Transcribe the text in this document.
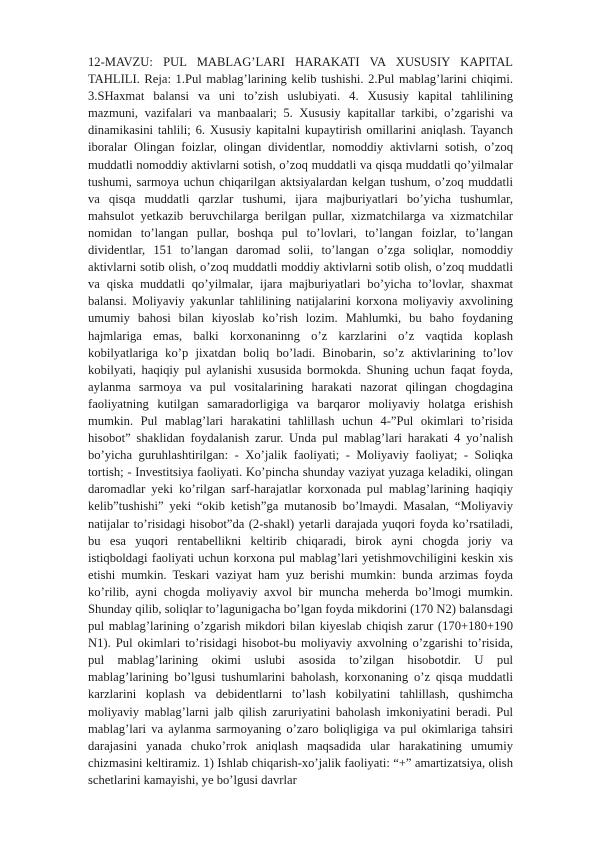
12-MAVZU: PUL MABLAG’LARI HARAKATI VA XUSUSIY KAPITAL TAHLILI. Reja: 1.Pul mablag’larining kelib tushishi. 2.Pul mablag’larini chiqimi. 3.SHaxmat balansi va uni to’zish uslubiyati. 4. Xususiy kapital tahlilining mazmuni, vazifalari va manbaalari; 5. Xususiy kapitallar tarkibi, o’zgarishi va dinamikasini tahlili; 6. Xususiy kapitalni kupaytirish omillarini aniqlash. Tayanch iboralar Olingan foizlar, olingan dividentlar, nomoddiy aktivlarni sotish, o’zoq muddatli nomoddiy aktivlarni sotish, o’zoq muddatli va qisqa muddatli qo’yilmalar tushumi, sarmoya uchun chiqarilgan aktsiyalardan kelgan tushum, o’zoq muddatli va qisqa muddatli qarzlar tushumi, ijara majburiyatlari bo’yicha tushumlar, mahsulot yetkazib beruvchilarga berilgan pullar, xizmatchilarga va xizmatchilar nomidan to’langan pullar, boshqa pul to’lovlari, to’langan foizlar, to’langan dividentlar, 151 to’langan daromad solii, to’langan o’zga soliqlar, nomoddiy aktivlarni sotib olish, o’zoq muddatli moddiy aktivlarni sotib olish, o’zoq muddatli va qiska muddatli qo’yilmalar, ijara majburiyatlari bo’yicha to’lovlar, shaxmat balansi. Moliyaviy yakunlar tahlilining natijalarini korxona moliyaviy axvolining umumiy bahosi bilan kiyoslab ko’rish lozim. Mahlumki, bu baho foydaning hajmlariga emas, balki korxonaninng o’z karzlarini o’z vaqtida koplash kobilyatlariga ko’p jixatdan boliq bo’ladi. Binobarin, so’z aktivlarining to’lov kobilyati, haqiqiy pul aylanishi xususida bormokda. Shuning uchun faqat foyda, aylanma sarmoya va pul vositalarining harakati nazorat qilingan chogdagina faoliyatning kutilgan samaradorligiga va barqaror moliyaviy holatga erishish mumkin. Pul mablag’lari harakatini tahlillash uchun 4-”Pul okimlari to’risida hisobot” shaklidan foydalanish zarur. Unda pul mablag’lari harakati 4 yo’nalish bo’yicha guruhlashtirilgan: - Xo’jalik faoliyati; - Moliyaviy faoliyat; - Soliqka tortish; - Investitsiya faoliyati. Ko’pincha shunday vaziyat yuzaga keladiki, olingan daromadlar yeki ko’rilgan sarf-harajatlar korxonada pul mablag’larining haqiqiy kelib”tushishi” yeki “okib ketish”ga mutanosib bo’lmaydi. Masalan, “Moliyaviy natijalar to’risidagi hisobot”da (2-shakl) yetarli darajada yuqori foyda ko’rsatiladi, bu esa yuqori rentabellikni keltirib chiqaradi, birok ayni chogda joriy va istiqboldagi faoliyati uchun korxona pul mablag’lari yetishmovchiligini keskin xis etishi mumkin. Teskari vaziyat ham yuz berishi mumkin: bunda arzimas foyda ko’rilib, ayni chogda moliyaviy axvol bir muncha meherda bo’lmogi mumkin. Shunday qilib, soliqlar to’lagunigacha bo’lgan foyda mikdorini (170 N2) balansdagi pul mablag’larining o’zgarish mikdori bilan kiyeslab chiqish zarur (170+180+190 N1). Pul okimlari to’risidagi hisobot-bu moliyaviy axvolning o’zgarishi to’risida, pul mablag’larining okimi uslubi asosida to’zilgan hisobotdir. U pul mablag’larining bo’lgusi tushumlarini baholash, korxonaning o’z qisqa muddatli karzlarini koplash va debidentlarni to’lash kobilyatini tahlillash, qushimcha moliyaviy mablag’larni jalb qilish zaruriyatini baholash imkoniyatini beradi. Pul mablag’lari va aylanma sarmoyaning o’zaro boliqligiga va pul okimlariga tahsiri darajasini yanada chuko’rrok aniqlash maqsadida ular harakatining umumiy chizmasini keltiramiz. 1) Ishlab chiqarish-xo’jalik faoliyati: “+” amartizatsiya, olish schetlarini kamayishi, ye bo’lgusi davrlar
